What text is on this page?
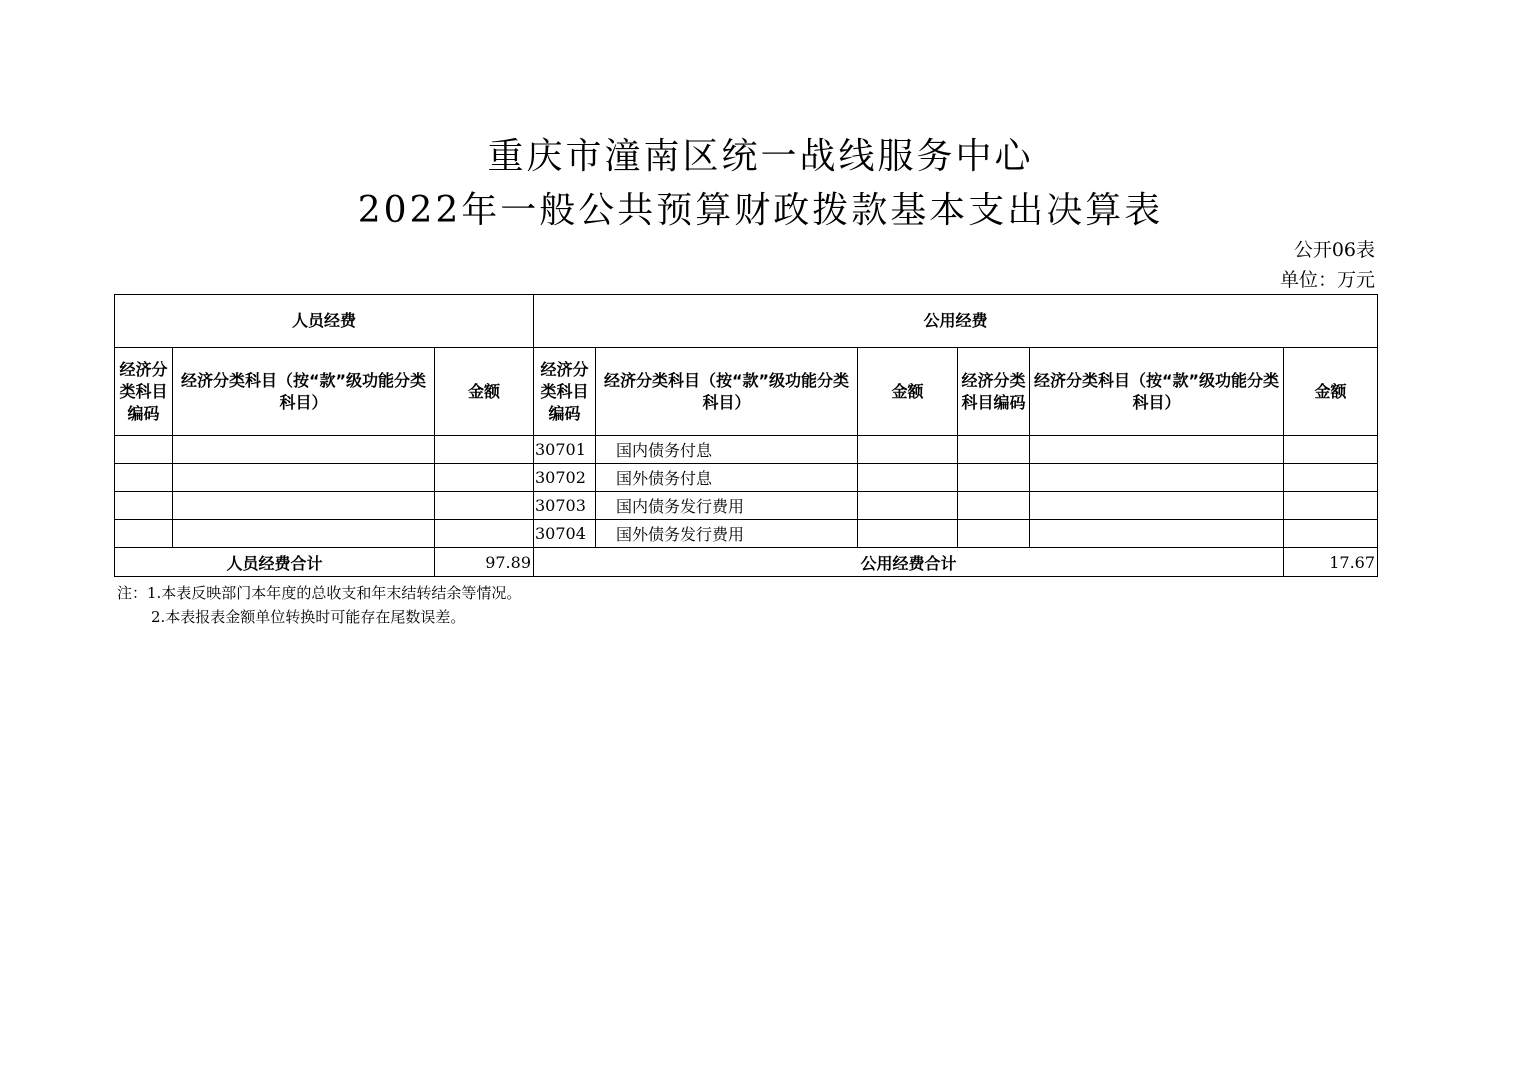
重庆市潼南区统一战线服务中心
2022年一般公共预算财政拨款基本支出决算表
公开06表
单位：万元
人员经费			公用经费					
经济分类科目编码	经济分类科目（按“款”级功能分类科目）	金额	经济分类科目编码	经济分类科目（按“款”级功能分类科目）	金额	经济分类科目编码	经济分类科目（按“款”级功能分类科目）	金额
			30701	国内债务付息				
			30702	国外债务付息				
			30703	国内债务发行费用				
			30704	国外债务发行费用				
人员经费合计		97.89	公用经费合计					17.67
注：1.本表反映部门本年度的总收支和年末结转结余等情况。
2.本表报表金额单位转换时可能存在尾数误差。
